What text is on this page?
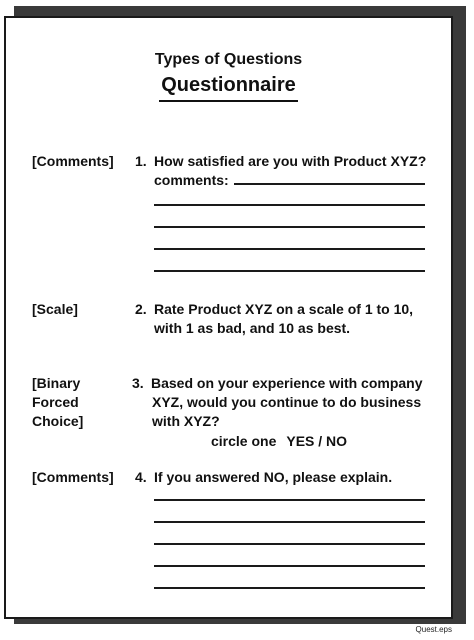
Types of Questions
Questionnaire
[Comments] 1. How satisfied are you with Product XYZ?
comments:
[Scale]	2. Rate Product XYZ on a scale of 1 to 10,
with 1 as bad, and 10 as best.
[Binary
Forced
Choice]
3. Based on your experience with company
XYZ, would you continue to do business
with XYZ?
circle one YES / NO
[Comments] 4. If you answered NO, please explain.
Quest.eps
